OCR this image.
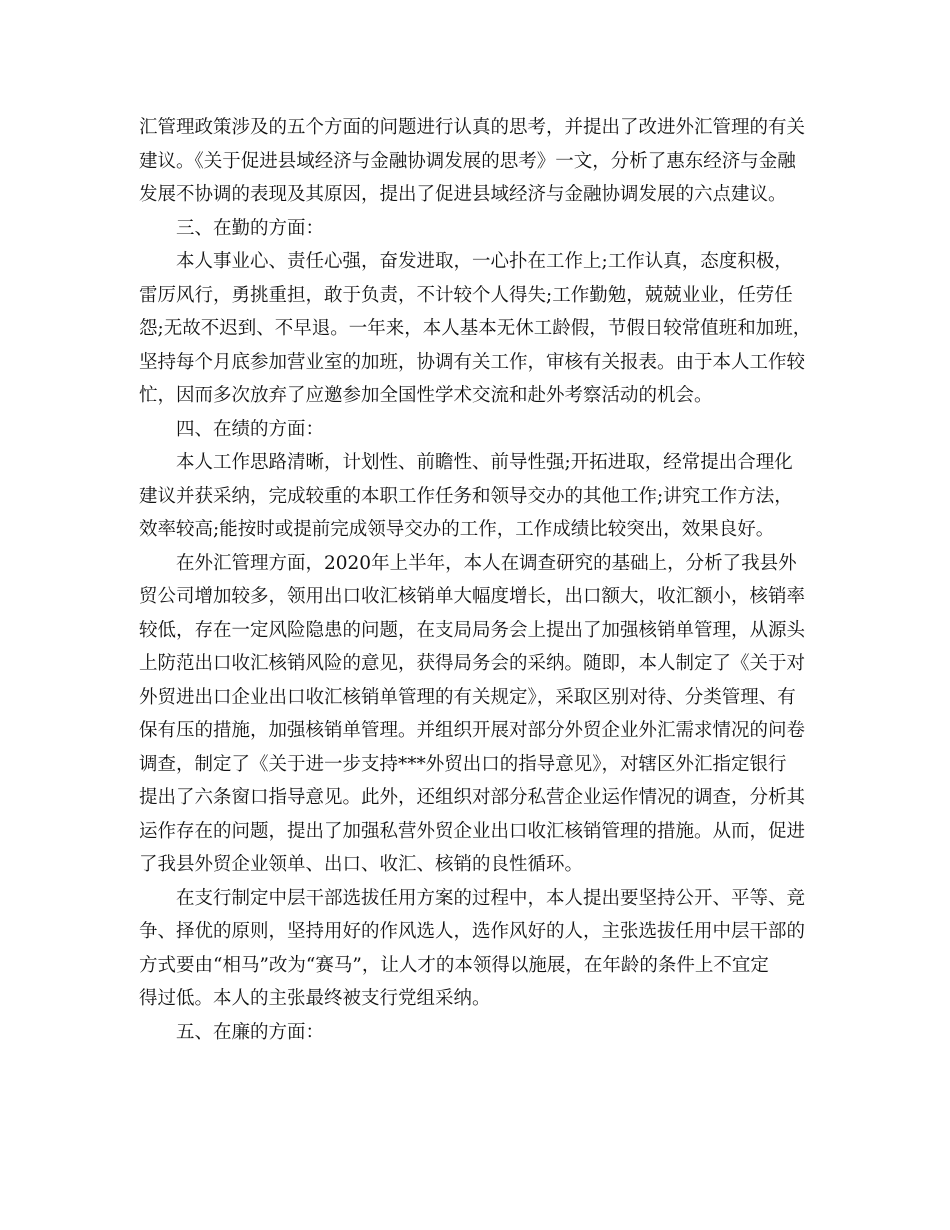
汇管理政策涉及的五个方面的问题进行认真的思考，并提出了改进外汇管理的有关
建议。《关于促进县域经济与金融协调发展的思考》一文，分析了惠东经济与金融
发展不协调的表现及其原因，提出了促进县域经济与金融协调发展的六点建议。
三、在勤的方面：
本人事业心、责任心强，奋发进取，一心扑在工作上;工作认真，态度积极，
雷厉风行，勇挑重担，敢于负责，不计较个人得失;工作勤勉，兢兢业业，任劳任
怨;无故不迟到、不早退。一年来，本人基本无休工龄假，节假日较常值班和加班，
坚持每个月底参加营业室的加班，协调有关工作，审核有关报表。由于本人工作较
忙，因而多次放弃了应邀参加全国性学术交流和赴外考察活动的机会。
四、在绩的方面：
本人工作思路清晰，计划性、前瞻性、前导性强;开拓进取，经常提出合理化
建议并获采纳，完成较重的本职工作任务和领导交办的其他工作;讲究工作方法，
效率较高;能按时或提前完成领导交办的工作，工作成绩比较突出，效果良好。
在外汇管理方面，2020年上半年，本人在调查研究的基础上，分析了我县外
贸公司增加较多，领用出口收汇核销单大幅度增长，出口额大，收汇额小，核销率
较低，存在一定风险隐患的问题，在支局局务会上提出了加强核销单管理，从源头
上防范出口收汇核销风险的意见，获得局务会的采纳。随即，本人制定了《关于对
外贸进出口企业出口收汇核销单管理的有关规定》，采取区别对待、分类管理、有
保有压的措施，加强核销单管理。并组织开展对部分外贸企业外汇需求情况的问卷
调查，制定了《关于进一步支持***外贸出口的指导意见》，对辖区外汇指定银行
提出了六条窗口指导意见。此外，还组织对部分私营企业运作情况的调查，分析其
运作存在的问题，提出了加强私营外贸企业出口收汇核销管理的措施。从而，促进
了我县外贸企业领单、出口、收汇、核销的良性循环。
在支行制定中层干部选拔任用方案的过程中，本人提出要坚持公开、平等、竞
争、择优的原则，坚持用好的作风选人，选作风好的人，主张选拔任用中层干部的
方式要由“相马”改为“赛马”，让人才的本领得以施展，在年龄的条件上不宜定
得过低。本人的主张最终被支行党组采纳。
五、在廉的方面：
